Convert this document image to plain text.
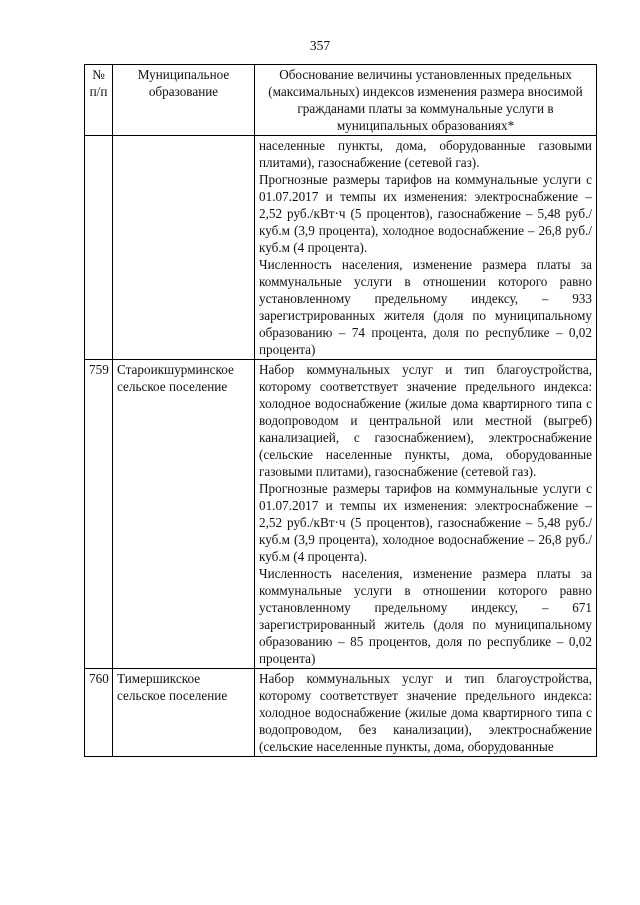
357
№ п/п	Муниципальное образование	Обоснование величины установленных предельных (максимальных) индексов изменения размера вносимой гражданами платы за коммунальные услуги в муниципальных образованиях*

		населенные пункты, дома, оборудованные газовыми плитами), газоснабжение (сетевой газ).

Прогнозные размеры тарифов на коммунальные услуги с 01.07.2017 и темпы их изменения: электроснабжение – 2,52 руб./кВт·ч (5 процентов), газоснабжение – 5,48 руб./куб.м (3,9 процента), холодное водоснабжение – 26,8 руб./куб.м (4 процента).

Численность населения, изменение размера платы за коммунальные услуги в отношении которого равно установленному предельному индексу, – 933 зарегистрированных жителя (доля по муниципальному образованию – 74 процента, доля по республике – 0,02 процента)

759	Староикшурминское сельское поселение	Набор коммунальных услуг и тип благоустройства, которому соответствует значение предельного индекса: холодное водоснабжение (жилые дома квартирного типа с водопроводом и центральной или местной (выгреб) канализацией, с газоснабжением), электроснабжение (сельские населенные пункты, дома, оборудованные газовыми плитами), газоснабжение (сетевой газ).

Прогнозные размеры тарифов на коммунальные услуги с 01.07.2017 и темпы их изменения: электроснабжение – 2,52 руб./кВт·ч (5 процентов), газоснабжение – 5,48 руб./куб.м (3,9 процента), холодное водоснабжение – 26,8 руб./куб.м (4 процента).

Численность населения, изменение размера платы за коммунальные услуги в отношении которого равно установленному предельному индексу, – 671 зарегистрированный житель (доля по муниципальному образованию – 85 процентов, доля по республике – 0,02 процента)

760	Тимершикское сельское поселение	Набор коммунальных услуг и тип благоустройства, которому соответствует значение предельного индекса: холодное водоснабжение (жилые дома квартирного типа с водопроводом, без канализации), электроснабжение (сельские населенные пункты, дома, оборудованные
